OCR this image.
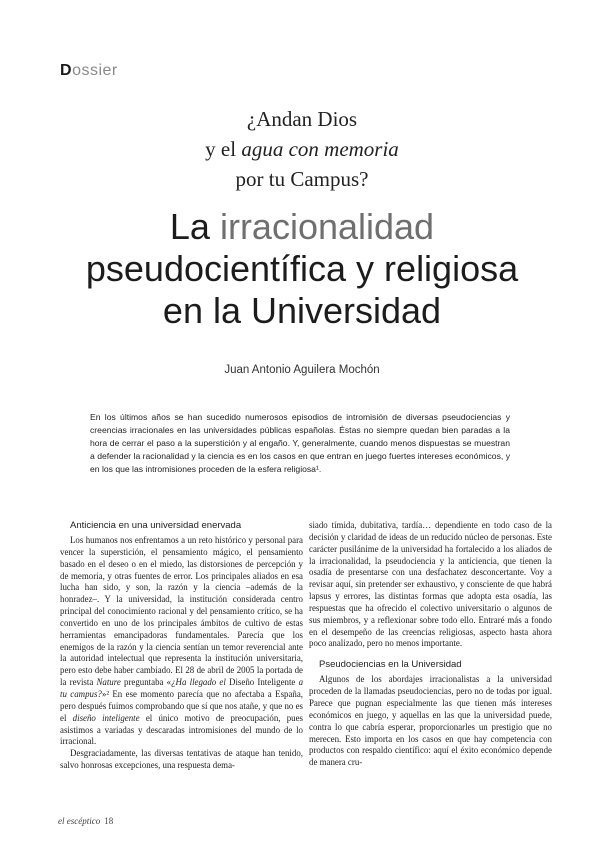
Dossier
¿Andan Dios
y el agua con memoria
por tu Campus?
La irracionalidad
pseudocientífica y religiosa
en la Universidad
Juan Antonio Aguilera Mochón
En los últimos años se han sucedido numerosos episodios de intromisión de diversas pseudociencias y creencias irracionales en las universidades públicas españolas. Éstas no siempre quedan bien paradas a la hora de cerrar el paso a la superstición y al engaño. Y, generalmente, cuando menos dispuestas se muestran a defender la racionalidad y la ciencia es en los casos en que entran en juego fuertes intereses económicos, y en los que las intromisiones proceden de la esfera religiosa¹.
Anticiencia en una universidad enervada

Los humanos nos enfrentamos a un reto histórico y personal para vencer la superstición, el pensamiento mágico, el pensamiento basado en el deseo o en el miedo, las distorsiones de percepción y de memoria, y otras fuentes de error. Los principales aliados en esa lucha han sido, y son, la razón y la ciencia –además de la honradez–. Y la universidad, la institución considerada centro principal del conocimiento racional y del pensamiento crítico, se ha convertido en uno de los principales ámbitos de cultivo de estas herramientas emancipadoras fundamentales. Parecía que los enemigos de la razón y la ciencia sentían un temor reverencial ante la autoridad intelectual que representa la institución universitaria, pero esto debe haber cambiado. El 28 de abril de 2005 la portada de la revista Nature preguntaba «¿Ha llegado el Diseño Inteligente a tu campus?»² En ese momento parecía que no afectaba a España, pero después fuimos comprobando que sí que nos atañe, y que no es el diseño inteligente el único motivo de preocupación, pues asistimos a variadas y descaradas intromisiones del mundo de lo irracional.

Desgraciadamente, las diversas tentativas de ataque han tenido, salvo honrosas excepciones, una respuesta dema-

siado tímida, dubitativa, tardía… dependiente en todo caso de la decisión y claridad de ideas de un reducido núcleo de personas. Este carácter pusilánime de la universidad ha fortalecido a los aliados de la irracionalidad, la pseudociencia y la anticiencia, que tienen la osadía de presentarse con una desfachatez desconcertante. Voy a revisar aquí, sin pretender ser exhaustivo, y consciente de que habrá lapsus y errores, las distintas formas que adopta esta osadía, las respuestas que ha ofrecido el colectivo universitario o algunos de sus miembros, y a reflexionar sobre todo ello. Entraré más a fondo en el desempeño de las creencias religiosas, aspecto hasta ahora poco analizado, pero no menos importante.

Pseudociencias en la Universidad

Algunos de los abordajes irracionalistas a la universidad proceden de la llamadas pseudociencias, pero no de todas por igual. Parece que pugnan especialmente las que tienen más intereses económicos en juego, y aquellas en las que la universidad puede, contra lo que cabría esperar, proporcionarles un prestigio que no merecen. Esto importa en los casos en que hay competencia con productos con respaldo científico: aquí el éxito económico depende de manera cru-

el escéptico 18
